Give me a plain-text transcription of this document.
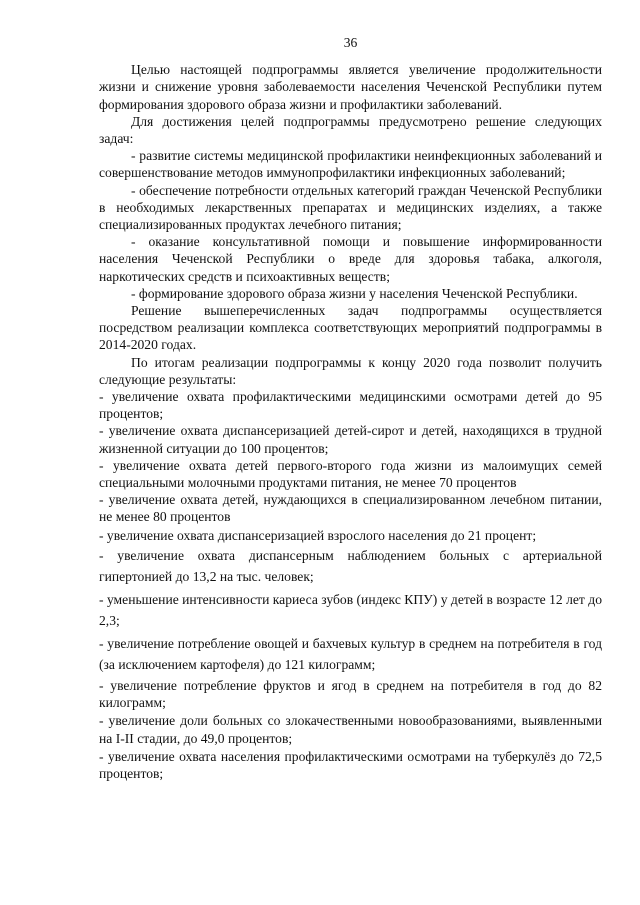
36

Целью настоящей подпрограммы является увеличение продолжительности жизни и снижение уровня заболеваемости населения Чеченской Республики путем формирования здорового образа жизни и профилактики заболеваний.

Для достижения целей подпрограммы предусмотрено решение следующих задач:

- развитие системы медицинской профилактики неинфекционных заболеваний и совершенствование методов иммунопрофилактики инфекционных заболеваний;

- обеспечение потребности отдельных категорий граждан Чеченской Республики в необходимых лекарственных препаратах и медицинских изделиях, а также специализированных продуктах лечебного питания;

- оказание консультативной помощи и повышение информированности населения Чеченской Республики о вреде для здоровья табака, алкоголя, наркотических средств и психоактивных веществ;

- формирование здорового образа жизни у населения Чеченской Республики.

Решение вышеперечисленных задач подпрограммы осуществляется посредством реализации комплекса соответствующих мероприятий подпрограммы в 2014-2020 годах.

По итогам реализации подпрограммы к концу 2020 года позволит получить следующие результаты:

- увеличение охвата профилактическими медицинскими осмотрами детей до 95 процентов;

- увеличение охвата диспансеризацией детей-сирот и детей, находящихся в трудной жизненной ситуации до 100 процентов;

- увеличение охвата детей первого-второго года жизни из малоимущих семей специальными молочными продуктами питания, не менее 70 процентов

- увеличение охвата детей, нуждающихся в специализированном лечебном питании, не менее 80 процентов

- увеличение охвата диспансеризацией взрослого населения до 21 процент;

- увеличение охвата диспансерным наблюдением больных с артериальной гипертонией до 13,2 на тыс. человек;

- уменьшение интенсивности кариеса зубов (индекс КПУ) у детей в возрасте 12 лет до 2,3;

- увеличение потребление овощей и бахчевых культур в среднем на потребителя в год (за исключением картофеля) до 121 килограмм;

- увеличение потребление фруктов и ягод в среднем на потребителя в год до 82 килограмм;

- увеличение доли больных со злокачественными новообразованиями, выявленными на I-II стадии, до 49,0 процентов;

- увеличение охвата населения профилактическими осмотрами на туберкулёз до 72,5 процентов;
